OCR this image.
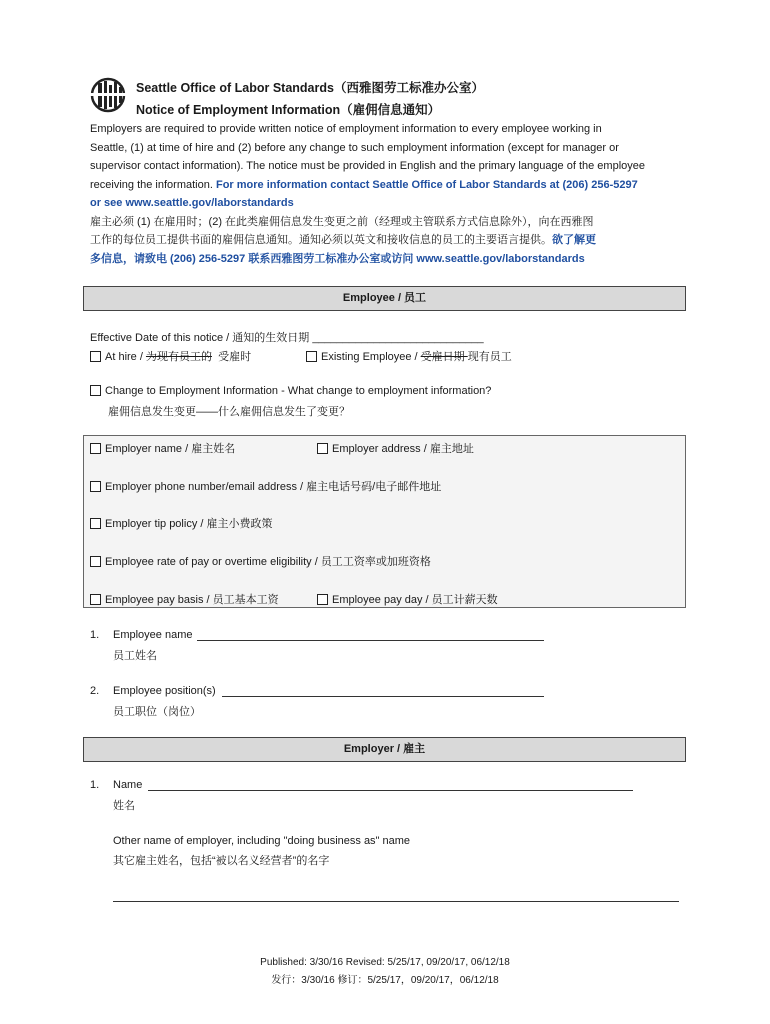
Seattle Office of Labor Standards（西雅图劳工标准办公室）
Notice of Employment Information（雇佣信息通知）
Employers are required to provide written notice of employment information to every employee working in
Seattle, (1) at time of hire and (2) before any change to such employment information (except for manager or
supervisor contact information). The notice must be provided in English and the primary language of the employee
receiving the information. For more information contact Seattle Office of Labor Standards at (206) 256-5297
or see www.seattle.gov/laborstandards
雇主必须 (1) 在雇用时；(2) 在此类雇佣信息发生变更之前（经理或主管联系方式信息除外），向在西雅图
工作的每位员工提供书面的雇佣信息通知。通知必须以英文和接收信息的员工的主要语言提供。欲了解更
多信息，请致电 (206) 256-5297 联系西雅图劳工标准办公室或访问 www.seattle.gov/laborstandards
Employee / 员工
Effective Date of this notice / 通知的生效日期 ____________________________
At hire / 为现有员工的  受雇时	Existing Employee / 受雇日期 现有员工
Change to Employment Information - What change to employment information?
雇佣信息发生变更——什么雇佣信息发生了变更？
Employer name / 雇主姓名	Employer address / 雇主地址
Employer phone number/email address / 雇主电话号码/电子邮件地址
Employer tip policy / 雇主小费政策
Employee rate of pay or overtime eligibility / 员工工资率或加班资格
Employee pay basis / 员工基本工资	Employee pay day / 员工计薪天数
1. Employee name
员工姓名
2. Employee position(s)
员工职位（岗位）
Employer / 雇主
1. Name
姓名
Other name of employer, including "doing business as" name
其它雇主姓名，包括“被以名义经营者”的名字
Published: 3/30/16 Revised: 5/25/17, 09/20/17, 06/12/18
发行：3/30/16 修订：5/25/17，09/20/17，06/12/18
